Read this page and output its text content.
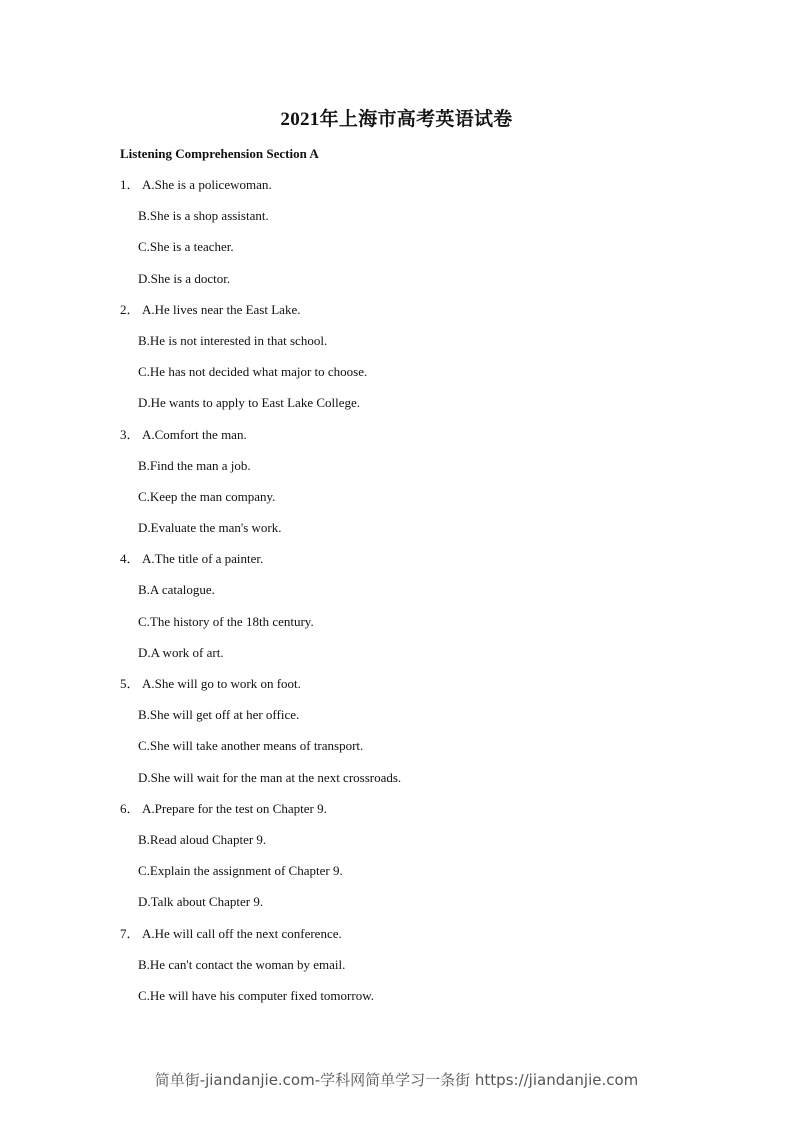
2021年上海市高考英语试卷
Listening Comprehension Section A
1． A.She is a policewoman.
B.She is a shop assistant.
C.She is a teacher.
D.She is a doctor.
2． A.He lives near the East Lake.
B.He is not interested in that school.
C.He has not decided what major to choose.
D.He wants to apply to East Lake College.
3． A.Comfort the man.
B.Find the man a job.
C.Keep the man company.
D.Evaluate the man's work.
4． A.The title of a painter.
B.A catalogue.
C.The history of the 18th century.
D.A work of art.
5． A.She will go to work on foot.
B.She will get off at her office.
C.She will take another means of transport.
D.She will wait for the man at the next crossroads.
6． A.Prepare for the test on Chapter 9.
B.Read aloud Chapter 9.
C.Explain the assignment of Chapter 9.
D.Talk about Chapter 9.
7． A.He will call off the next conference.
B.He can't contact the woman by email.
C.He will have his computer fixed tomorrow.
简单街-jiandanjie.com-学科网简单学习一条街 https://jiandanjie.com
